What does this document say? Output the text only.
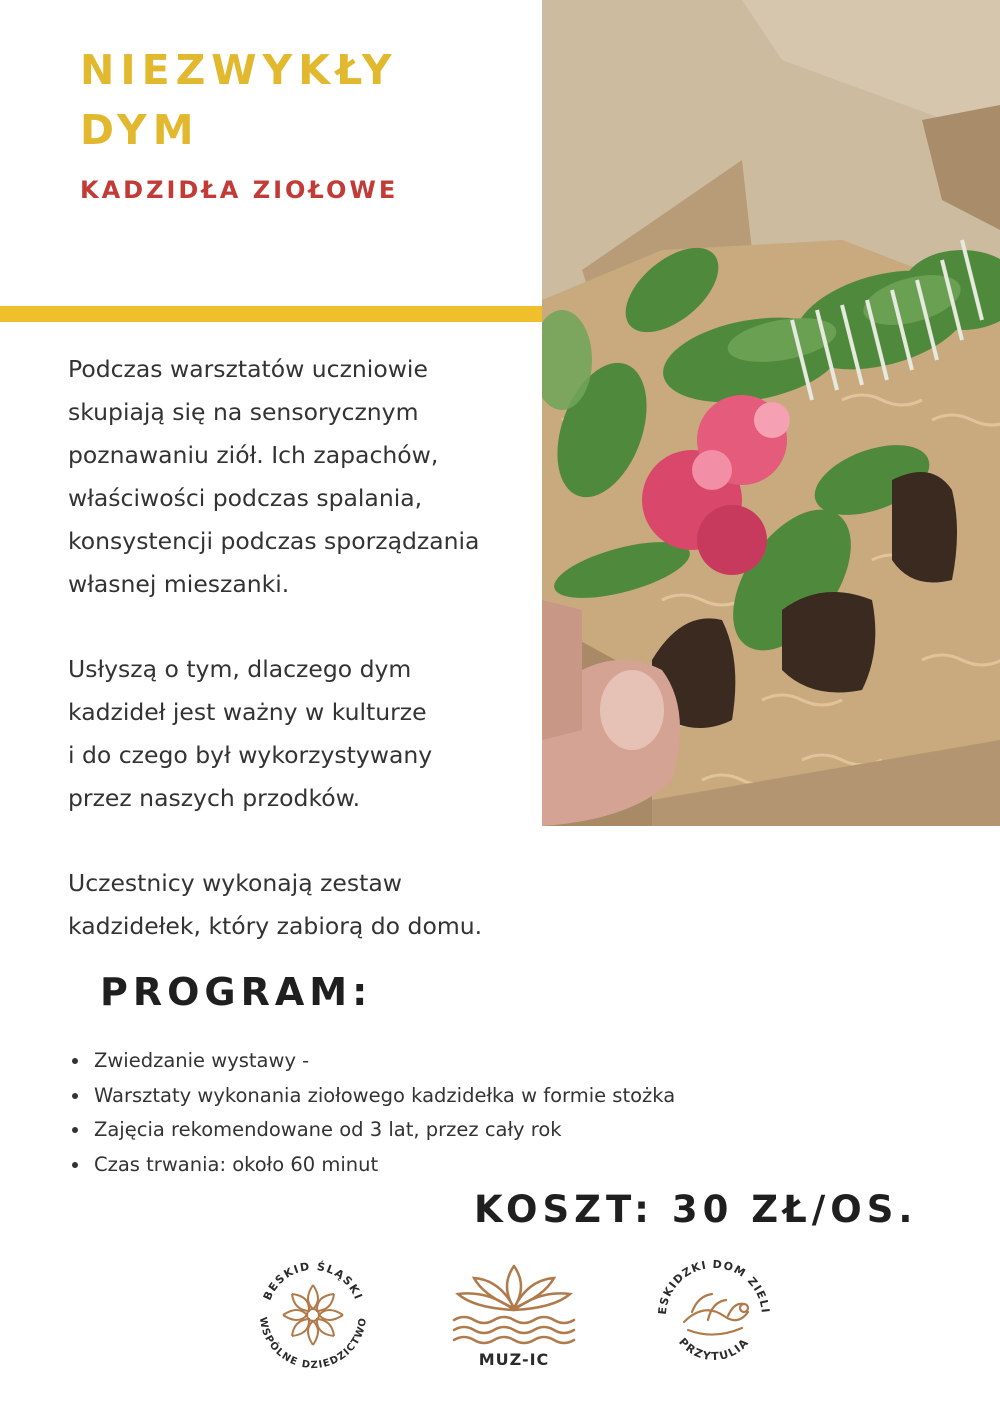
NIEZWYKŁY
DYM
KADZIDŁA ZIOŁOWE

Podczas warsztatów uczniowie
skupiają się na sensorycznym
poznawaniu ziół. Ich zapachów,
właściwości podczas spalania,
konsystencji podczas sporządzania
własnej mieszanki.

Usłyszą o tym, dlaczego dym
kadzideł jest ważny w kulturze
i do czego był wykorzystywany
przez naszych przodków.

Uczestnicy wykonają zestaw
kadzidełek, który zabiorą do domu.

PROGRAM:
Zwiedzanie wystawy -
Warsztaty wykonania ziołowego kadzidełka w formie stożka
Zajęcia rekomendowane od 3 lat, przez cały rok
Czas trwania: około 60 minut

KOSZT: 30 ZŁ/OS.

BESKID ŚLĄSKI
WSPÓLNE DZIEDZICTWO
MUZ-IC
ESKIDZKI DOM ZIELI
PRZYTULIA
